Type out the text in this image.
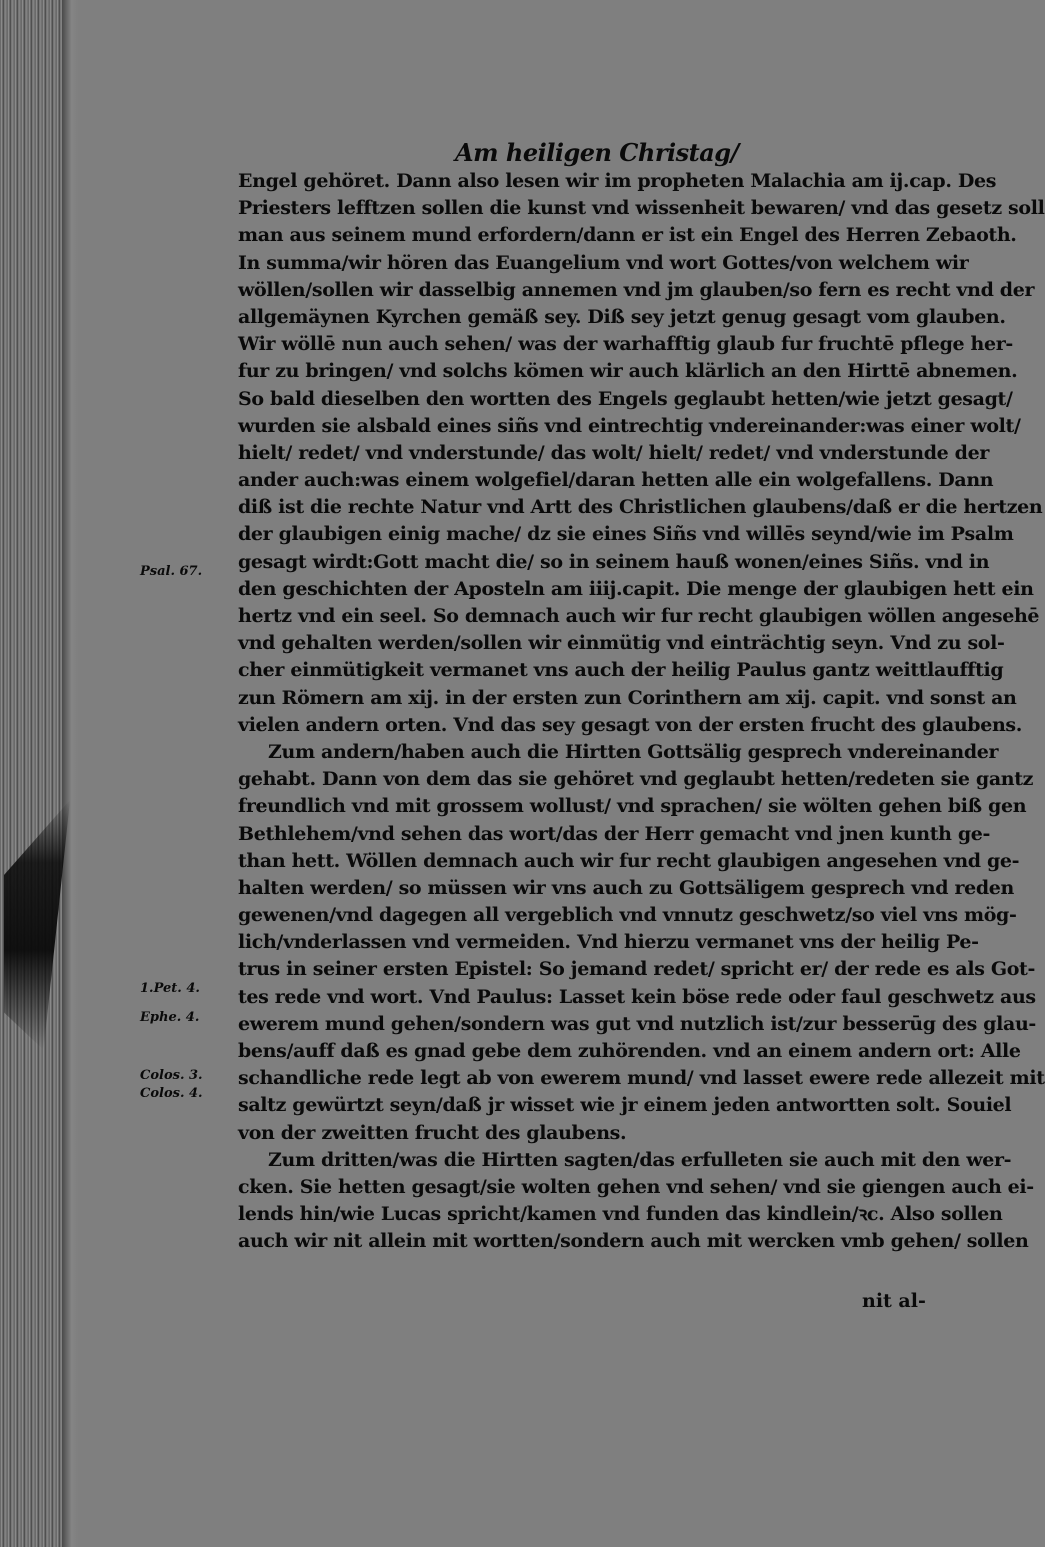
Am heiligen Christag/
Engel gehöret. Dann also lesen wir im propheten Malachia am ij.cap. Des
Priesters lefftzen sollen die kunst vnd wissenheit bewaren/ vnd das gesetz soll
man aus seinem mund erfordern/dann er ist ein Engel des Herren Zebaoth.
In summa/wir hören das Euangelium vnd wort Gottes/von welchem wir
wöllen/sollen wir dasselbig annemen vnd jm glauben/so fern es recht vnd der
allgemäynen Kyrchen gemäß sey. Diß sey jetzt genug gesagt vom glauben.
Wir wöllē nun auch sehen/ was der warhafftig glaub fur fruchtē pflege her-
fur zu bringen/ vnd solchs kömen wir auch klärlich an den Hirttē abnemen.
So bald dieselben den wortten des Engels geglaubt hetten/wie jetzt gesagt/
wurden sie alsbald eines siñs vnd eintrechtig vndereinander:was einer wolt/
hielt/ redet/ vnd vnderstunde/ das wolt/ hielt/ redet/ vnd vnderstunde der
ander auch:was einem wolgefiel/daran hetten alle ein wolgefallens. Dann
diß ist die rechte Natur vnd Artt des Christlichen glaubens/daß er die hertzen
der glaubigen einig mache/ dz sie eines Siñs vnd willēs seynd/wie im Psalm
gesagt wirdt:Gott macht die/ so in seinem hauß wonen/eines Siñs. vnd in
den geschichten der Aposteln am iiij.capit. Die menge der glaubigen hett ein
hertz vnd ein seel. So demnach auch wir fur recht glaubigen wöllen angesehē
vnd gehalten werden/sollen wir einmütig vnd einträchtig seyn. Vnd zu sol-
cher einmütigkeit vermanet vns auch der heilig Paulus gantz weittlaufftig
zun Römern am xij. in der ersten zun Corinthern am xij. capit. vnd sonst an
vielen andern orten. Vnd das sey gesagt von der ersten frucht des glaubens.
Zum andern/haben auch die Hirtten Gottsälig gesprech vndereinander
gehabt. Dann von dem das sie gehöret vnd geglaubt hetten/redeten sie gantz
freundlich vnd mit grossem wollust/ vnd sprachen/ sie wölten gehen biß gen
Bethlehem/vnd sehen das wort/das der Herr gemacht vnd jnen kunth ge-
than hett. Wöllen demnach auch wir fur recht glaubigen angesehen vnd ge-
halten werden/ so müssen wir vns auch zu Gottsäligem gesprech vnd reden
gewenen/vnd dagegen all vergeblich vnd vnnutz geschwetz/so viel vns mög-
lich/vnderlassen vnd vermeiden. Vnd hierzu vermanet vns der heilig Pe-
trus in seiner ersten Epistel: So jemand redet/ spricht er/ der rede es als Got-
tes rede vnd wort. Vnd Paulus: Lasset kein böse rede oder faul geschwetz aus
ewerem mund gehen/sondern was gut vnd nutzlich ist/zur besserūg des glau-
bens/auff daß es gnad gebe dem zuhörenden. vnd an einem andern ort: Alle
schandliche rede legt ab von ewerem mund/ vnd lasset ewere rede allezeit mit
saltz gewürtzt seyn/daß jr wisset wie jr einem jeden antwortten solt. Souiel
von der zweitten frucht des glaubens.
Zum dritten/was die Hirtten sagten/das erfulleten sie auch mit den wer-
cken. Sie hetten gesagt/sie wolten gehen vnd sehen/ vnd sie giengen auch ei-
lends hin/wie Lucas spricht/kamen vnd funden das kindlein/ꝛc. Also sollen
auch wir nit allein mit wortten/sondern auch mit wercken vmb gehen/ sollen
nit al-
Psal. 67.
1.Pet. 4.
Ephe. 4.
Colos. 3.
Colos. 4.
